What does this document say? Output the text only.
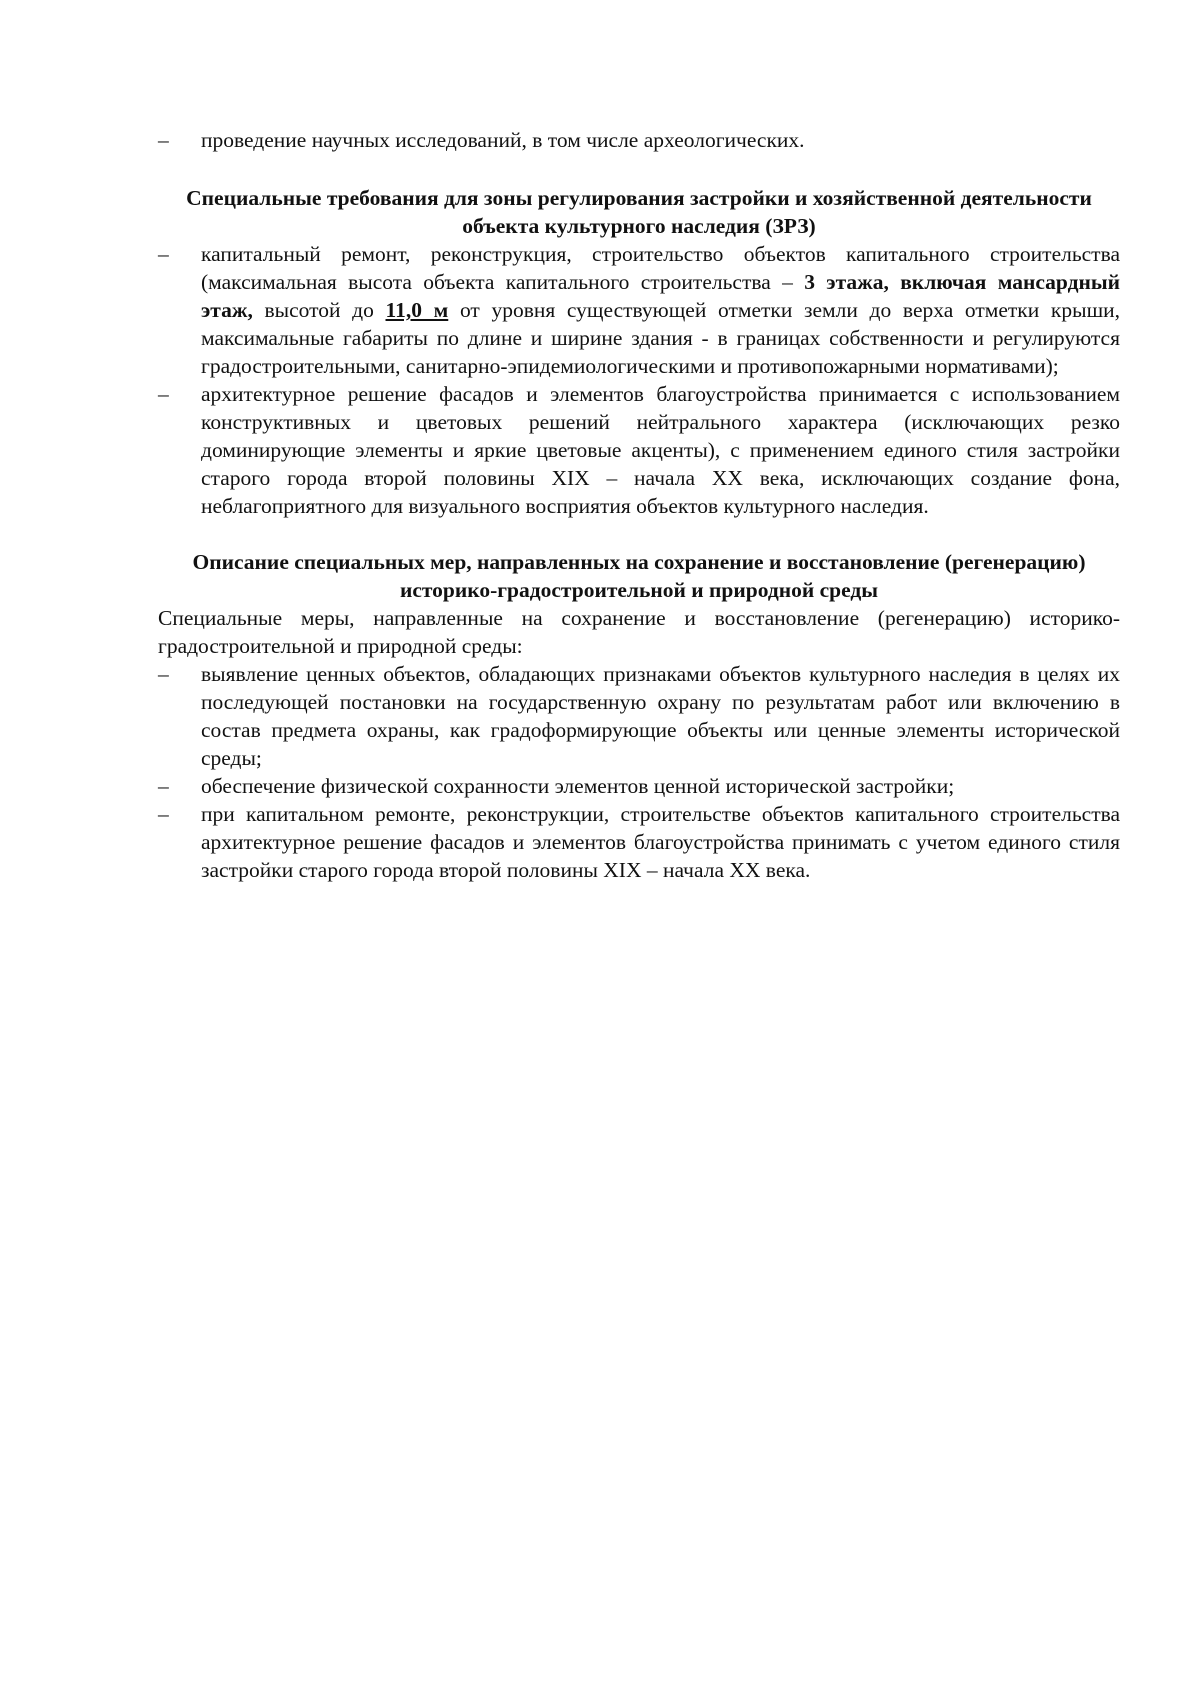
–	проведение научных исследований, в том числе археологических.
Специальные требования для зоны регулирования застройки и хозяйственной деятельности объекта культурного наследия (ЗРЗ)
–	капитальный ремонт, реконструкция, строительство объектов капитального строительства (максимальная высота объекта капитального строительства – 3 этажа, включая мансардный этаж, высотой до 11,0 м от уровня существующей отметки земли до верха отметки крыши, максимальные габариты по длине и ширине здания - в границах собственности и регулируются градостроительными, санитарно-эпидемиологическими и противопожарными нормативами);
–	архитектурное решение фасадов и элементов благоустройства принимается с использованием конструктивных и цветовых решений нейтрального характера (исключающих резко доминирующие элементы и яркие цветовые акценты), с применением единого стиля застройки старого города второй половины XIX – начала XX века, исключающих создание фона, неблагоприятного для визуального восприятия объектов культурного наследия.
Описание специальных мер, направленных на сохранение и восстановление (регенерацию) историко-градостроительной и природной среды
Специальные меры, направленные на сохранение и восстановление (регенерацию) историко-градостроительной и природной среды:
–	выявление ценных объектов, обладающих признаками объектов культурного наследия в целях их последующей постановки на государственную охрану по результатам работ или включению в состав предмета охраны, как градоформирующие объекты или ценные элементы исторической среды;
–	обеспечение физической сохранности элементов ценной исторической застройки;
–	при капитальном ремонте, реконструкции, строительстве объектов капитального строительства архитектурное решение фасадов и элементов благоустройства принимать с учетом единого стиля застройки старого города второй половины XIX – начала XX века.
